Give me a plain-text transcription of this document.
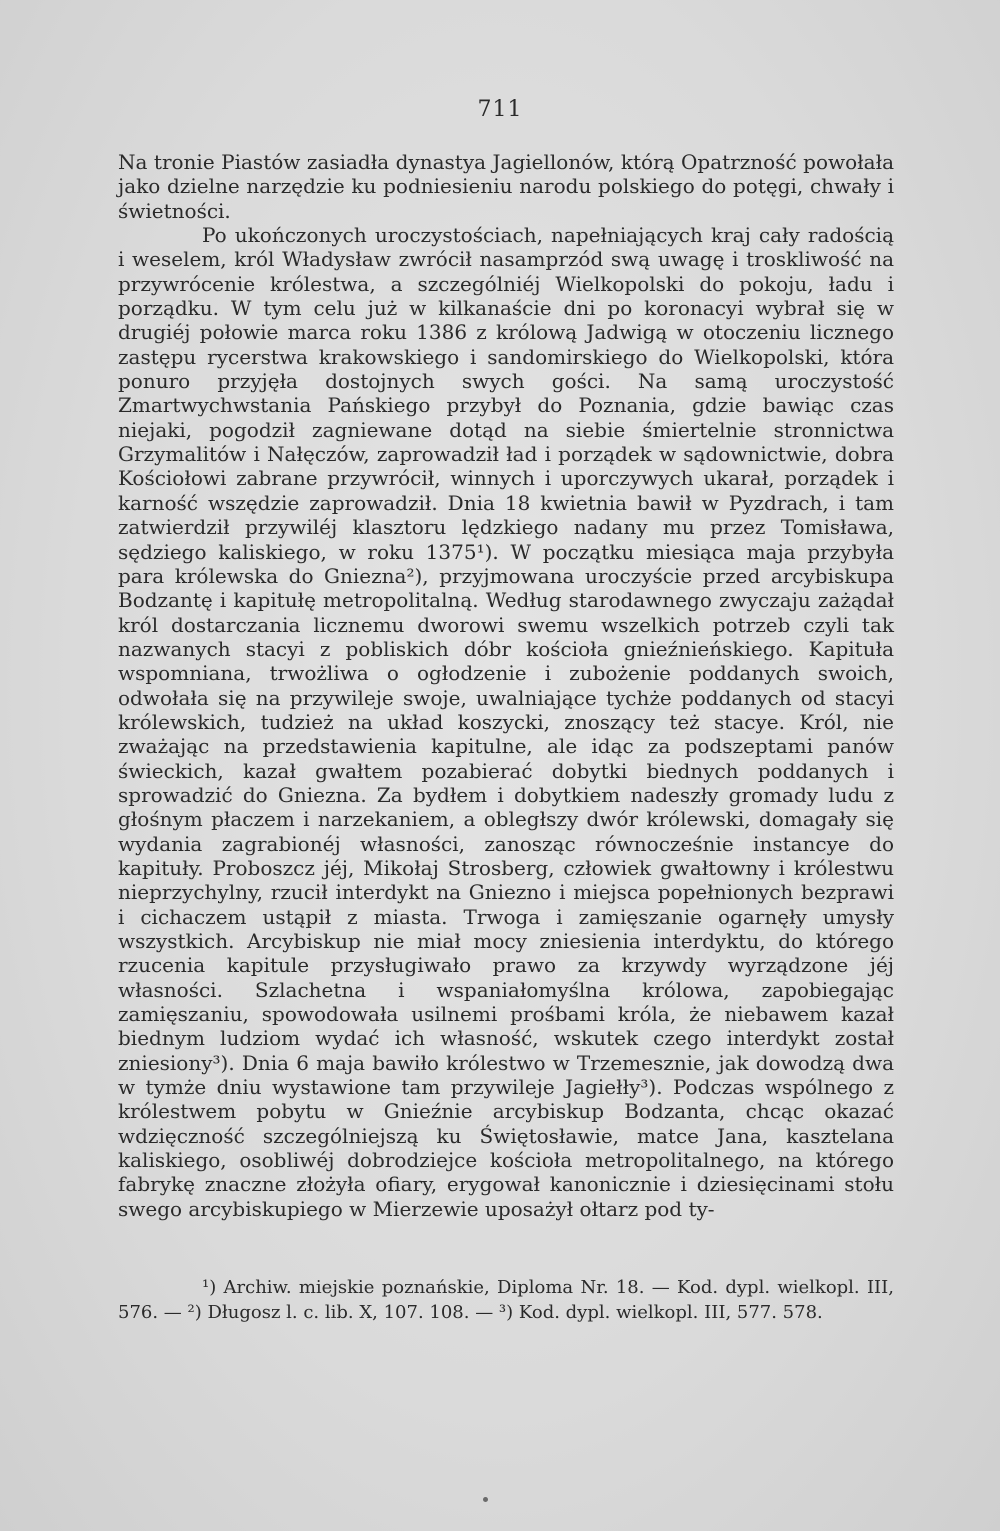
711

Na tronie Piastów zasiadła dynastya Jagiellonów, którą Opatrzność powołała jako dzielne narzędzie ku podniesieniu narodu polskiego do potęgi, chwały i świetności.

Po ukończonych uroczystościach, napełniających kraj cały radością i weselem, król Władysław zwrócił nasamprzód swą uwagę i troskliwość na przywrócenie królestwa, a szczególniéj Wielkopolski do pokoju, ładu i porządku. W tym celu już w kilkanaście dni po koronacyi wybrał się w drugiéj połowie marca roku 1386 z królową Jadwigą w otoczeniu licznego zastępu rycerstwa krakowskiego i sandomirskiego do Wielkopolski, która ponuro przyjęła dostojnych swych gości. Na samą uroczystość Zmartwychwstania Pańskiego przybył do Poznania, gdzie bawiąc czas niejaki, pogodził zagniewane dotąd na siebie śmiertelnie stronnictwa Grzymalitów i Nałęczów, zaprowadził ład i porządek w sądownictwie, dobra Kościołowi zabrane przywrócił, winnych i uporczywych ukarał, porządek i karność wszędzie zaprowadził. Dnia 18 kwietnia bawił w Pyzdrach, i tam zatwierdził przywiléj klasztoru lędzkiego nadany mu przez Tomisława, sędziego kaliskiego, w roku 1375¹). W początku miesiąca maja przybyła para królewska do Gniezna²), przyjmowana uroczyście przed arcybiskupa Bodzantę i kapitułę metropolitalną. Według starodawnego zwyczaju zażądał król dostarczania licznemu dworowi swemu wszelkich potrzeb czyli tak nazwanych stacyi z pobliskich dóbr kościoła gnieźnieńskiego. Kapituła wspomniana, trwożliwa o ogłodzenie i zubożenie poddanych swoich, odwołała się na przywileje swoje, uwalniające tychże poddanych od stacyi królewskich, tudzież na układ koszycki, znoszący też stacye. Król, nie zważając na przedstawienia kapitulne, ale idąc za podszeptami panów świeckich, kazał gwałtem pozabierać dobytki biednych poddanych i sprowadzić do Gniezna. Za bydłem i dobytkiem nadeszły gromady ludu z głośnym płaczem i narzekaniem, a obległszy dwór królewski, domagały się wydania zagrabionéj własności, zanosząc równocześnie instancye do kapituły. Proboszcz jéj, Mikołaj Strosberg, człowiek gwałtowny i królestwu nieprzychylny, rzucił interdykt na Gniezno i miejsca popełnionych bezprawi i cichaczem ustąpił z miasta. Trwoga i zamięszanie ogarnęły umysły wszystkich. Arcybiskup nie miał mocy zniesienia interdyktu, do którego rzucenia kapitule przysługiwało prawo za krzywdy wyrządzone jéj własności. Szlachetna i wspaniałomyślna królowa, zapobiegając zamięszaniu, spowodowała usilnemi prośbami króla, że niebawem kazał biednym ludziom wydać ich własność, wskutek czego interdykt został zniesiony³). Dnia 6 maja bawiło królestwo w Trzemesznie, jak dowodzą dwa w tymże dniu wystawione tam przywileje Jagiełły³). Podczas wspólnego z królestwem pobytu w Gnieźnie arcybiskup Bodzanta, chcąc okazać wdzięczność szczególniejszą ku Świętosławie, matce Jana, kasztelana kaliskiego, osobliwéj dobrodziejce kościoła metropolitalnego, na którego fabrykę znaczne złożyła ofiary, erygował kanonicznie i dziesięcinami stołu swego arcybiskupiego w Mierzewie uposażył ołtarz pod ty-

¹) Archiw. miejskie poznańskie, Diploma Nr. 18. — Kod. dypl. wielkopl. III, 576. — ²) Długosz l. c. lib. X, 107. 108. — ³) Kod. dypl. wielkopl. III, 577. 578.
